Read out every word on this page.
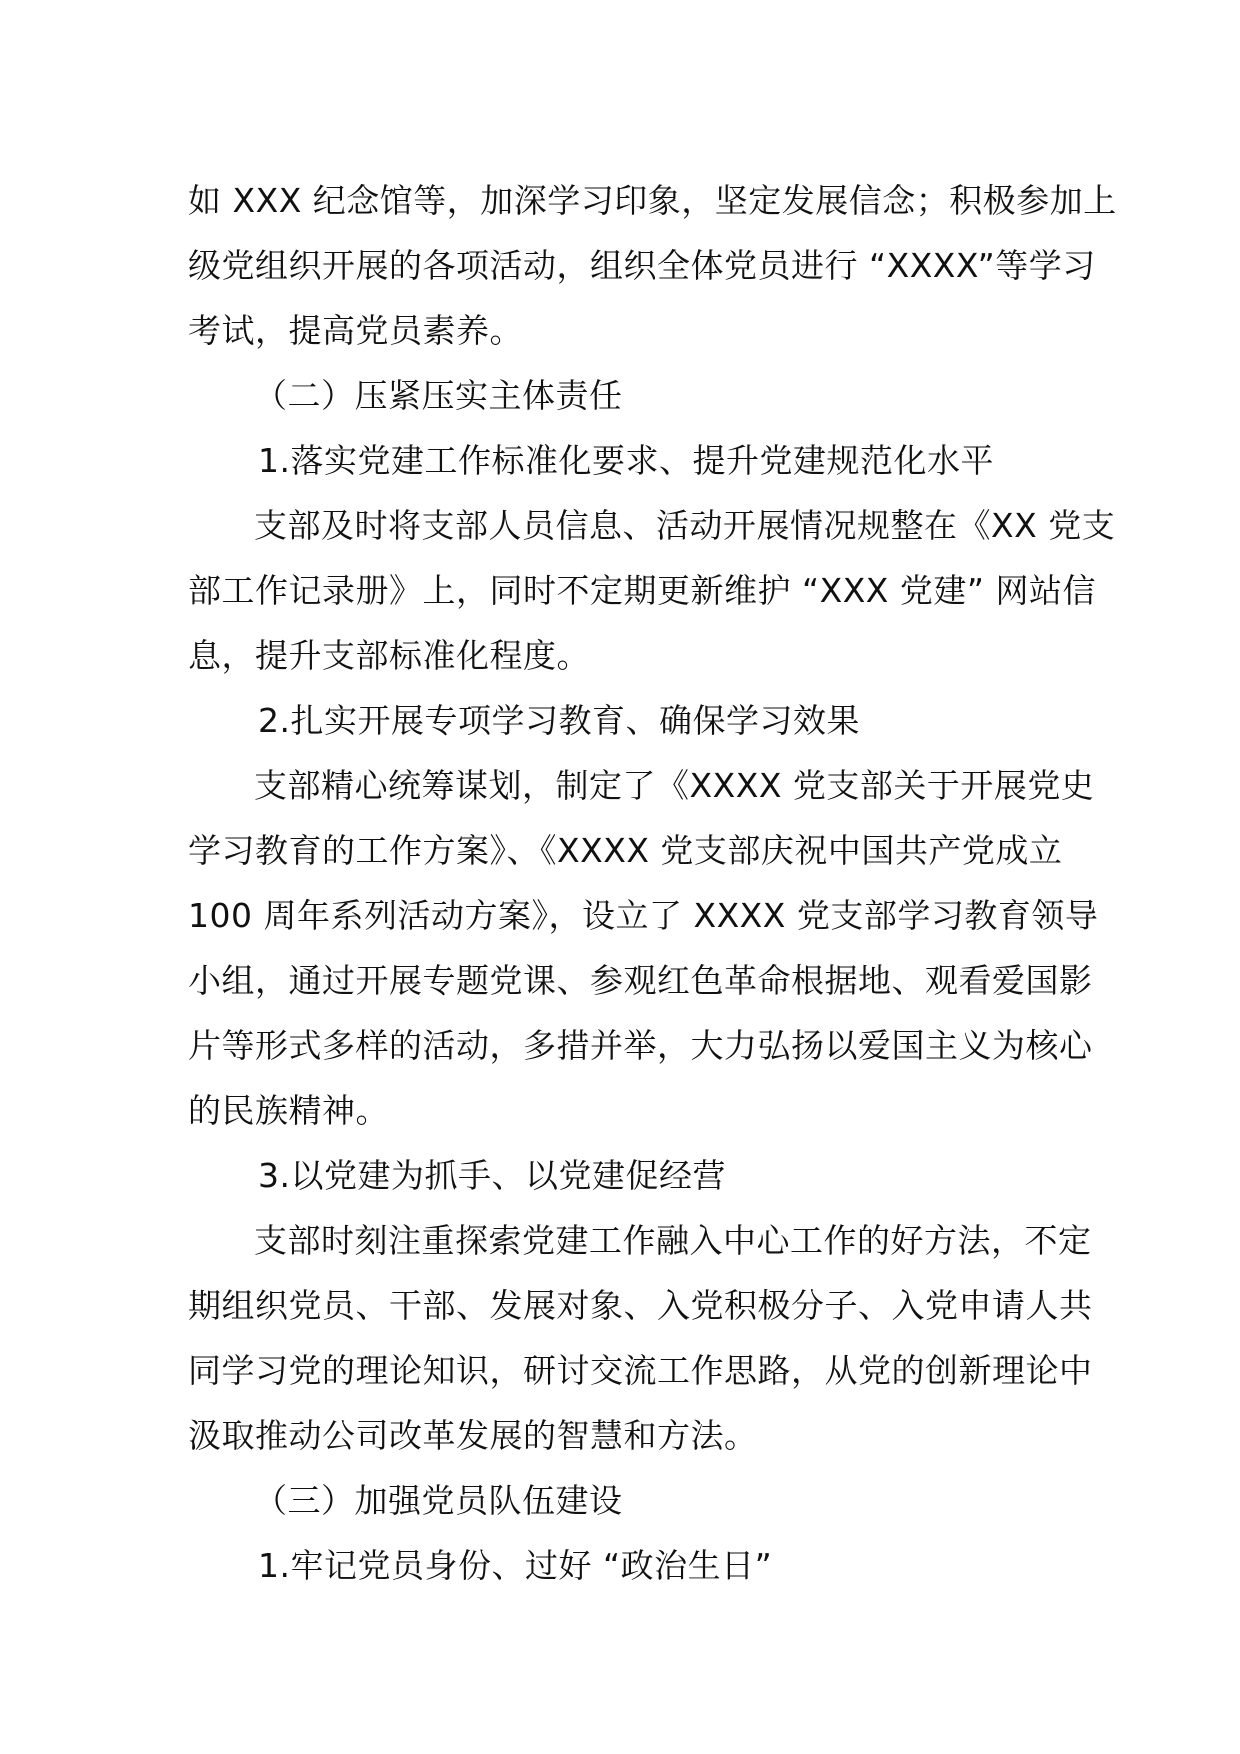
如 XXX 纪念馆等，加深学习印象，坚定发展信念；积极参加上
级党组织开展的各项活动，组织全体党员进行 “XXXX”等学习
考试，提高党员素养。
（二）压紧压实主体责任
1.落实党建工作标准化要求、提升党建规范化水平
支部及时将支部人员信息、活动开展情况规整在《XX 党支
部工作记录册》上，同时不定期更新维护 “XXX 党建” 网站信
息，提升支部标准化程度。
2.扎实开展专项学习教育、确保学习效果
支部精心统筹谋划，制定了《XXXX 党支部关于开展党史
学习教育的工作方案》、《XXXX 党支部庆祝中国共产党成立
100 周年系列活动方案》，设立了 XXXX 党支部学习教育领导
小组，通过开展专题党课、参观红色革命根据地、观看爱国影
片等形式多样的活动，多措并举，大力弘扬以爱国主义为核心
的民族精神。
3.以党建为抓手、以党建促经营
支部时刻注重探索党建工作融入中心工作的好方法，不定
期组织党员、干部、发展对象、入党积极分子、入党申请人共
同学习党的理论知识，研讨交流工作思路，从党的创新理论中
汲取推动公司改革发展的智慧和方法。
（三）加强党员队伍建设
1.牢记党员身份、过好 “政治生日”
